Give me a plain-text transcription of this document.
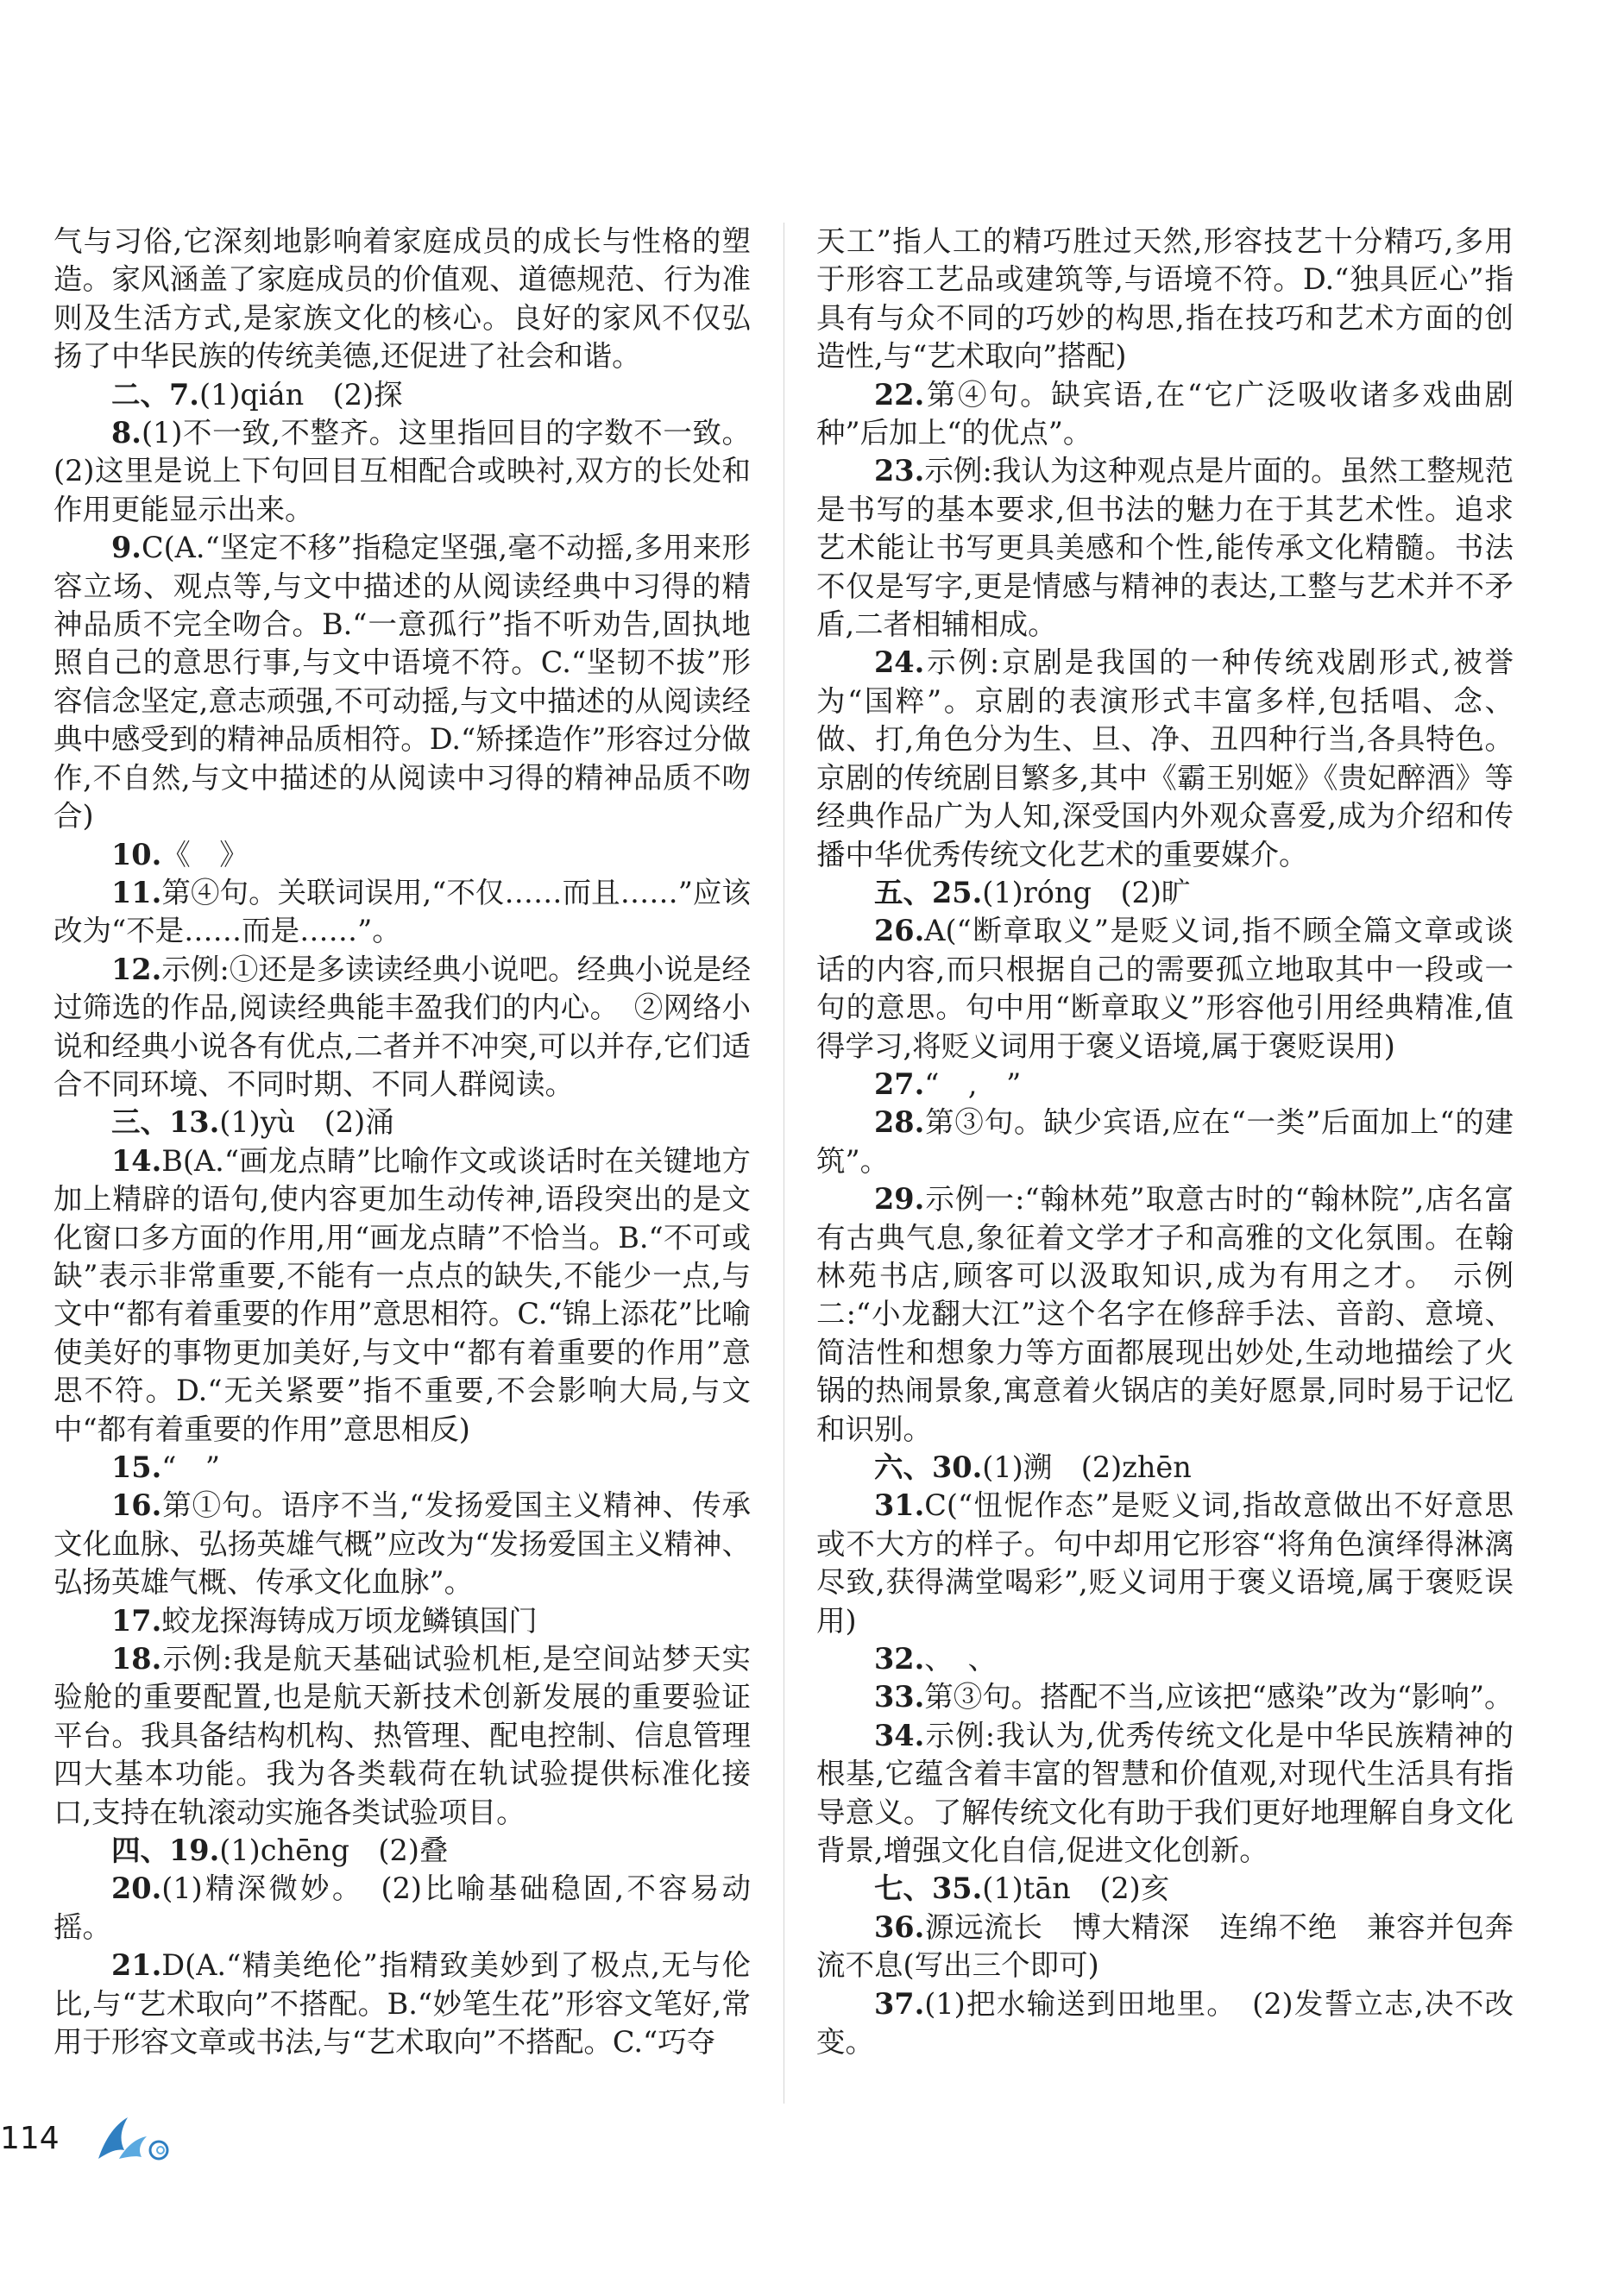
气与习俗,它深刻地影响着家庭成员的成长与性格的塑造。家风涵盖了家庭成员的价值观、道德规范、行为准则及生活方式,是家族文化的核心。良好的家风不仅弘扬了中华民族的传统美德,还促进了社会和谐。

二、7.(1)qián　(2)探

8.(1)不一致,不整齐。这里指回目的字数不一致。(2)这里是说上下句回目互相配合或映衬,双方的长处和作用更能显示出来。

9.C(A.“坚定不移”指稳定坚强,毫不动摇,多用来形容立场、观点等,与文中描述的从阅读经典中习得的精神品质不完全吻合。B.“一意孤行”指不听劝告,固执地照自己的意思行事,与文中语境不符。C.“坚韧不拔”形容信念坚定,意志顽强,不可动摇,与文中描述的从阅读经典中感受到的精神品质相符。D.“矫揉造作”形容过分做作,不自然,与文中描述的从阅读中习得的精神品质不吻合)

10.《　》

11.第④句。关联词误用,“不仅……而且……”应该改为“不是……而是……”。

12.示例:①还是多读读经典小说吧。经典小说是经过筛选的作品,阅读经典能丰盈我们的内心。　②网络小说和经典小说各有优点,二者并不冲突,可以并存,它们适合不同环境、不同时期、不同人群阅读。

三、13.(1)yù　(2)涌

14.B(A.“画龙点睛”比喻作文或谈话时在关键地方加上精辟的语句,使内容更加生动传神,语段突出的是文化窗口多方面的作用,用“画龙点睛”不恰当。B.“不可或缺”表示非常重要,不能有一点点的缺失,不能少一点,与文中“都有着重要的作用”意思相符。C.“锦上添花”比喻使美好的事物更加美好,与文中“都有着重要的作用”意思不符。D.“无关紧要”指不重要,不会影响大局,与文中“都有着重要的作用”意思相反)

15.“　”

16.第①句。语序不当,“发扬爱国主义精神、传承文化血脉、弘扬英雄气概”应改为“发扬爱国主义精神、弘扬英雄气概、传承文化血脉”。

17.蛟龙探海铸成万顷龙鳞镇国门

18.示例:我是航天基础试验机柜,是空间站梦天实验舱的重要配置,也是航天新技术创新发展的重要验证平台。我具备结构机构、热管理、配电控制、信息管理四大基本功能。我为各类载荷在轨试验提供标准化接口,支持在轨滚动实施各类试验项目。

四、19.(1)chēng　(2)叠

20.(1)精深微妙。　(2)比喻基础稳固,不容易动摇。

21.D(A.“精美绝伦”指精致美妙到了极点,无与伦比,与“艺术取向”不搭配。B.“妙笔生花”形容文笔好,常用于形容文章或书法,与“艺术取向”不搭配。C.“巧夺

天工”指人工的精巧胜过天然,形容技艺十分精巧,多用于形容工艺品或建筑等,与语境不符。D.“独具匠心”指具有与众不同的巧妙的构思,指在技巧和艺术方面的创造性,与“艺术取向”搭配)

22.第④句。缺宾语,在“它广泛吸收诸多戏曲剧种”后加上“的优点”。

23.示例:我认为这种观点是片面的。虽然工整规范是书写的基本要求,但书法的魅力在于其艺术性。追求艺术能让书写更具美感和个性,能传承文化精髓。书法不仅是写字,更是情感与精神的表达,工整与艺术并不矛盾,二者相辅相成。

24.示例:京剧是我国的一种传统戏剧形式,被誉为“国粹”。京剧的表演形式丰富多样,包括唱、念、做、打,角色分为生、旦、净、丑四种行当,各具特色。京剧的传统剧目繁多,其中《霸王别姬》《贵妃醉酒》等经典作品广为人知,深受国内外观众喜爱,成为介绍和传播中华优秀传统文化艺术的重要媒介。

五、25.(1)róng　(2)旷

26.A(“断章取义”是贬义词,指不顾全篇文章或谈话的内容,而只根据自己的需要孤立地取其中一段或一句的意思。句中用“断章取义”形容他引用经典精准,值得学习,将贬义词用于褒义语境,属于褒贬误用)

27.“　,　”

28.第③句。缺少宾语,应在“一类”后面加上“的建筑”。

29.示例一:“翰林苑”取意古时的“翰林院”,店名富有古典气息,象征着文学才子和高雅的文化氛围。在翰林苑书店,顾客可以汲取知识,成为有用之才。　示例二:“小龙翻大江”这个名字在修辞手法、音韵、意境、简洁性和想象力等方面都展现出妙处,生动地描绘了火锅的热闹景象,寓意着火锅店的美好愿景,同时易于记忆和识别。

六、30.(1)溯　(2)zhēn

31.C(“忸怩作态”是贬义词,指故意做出不好意思或不大方的样子。句中却用它形容“将角色演绎得淋漓尽致,获得满堂喝彩”,贬义词用于褒义语境,属于褒贬误用)

32.、　、

33.第③句。搭配不当,应该把“感染”改为“影响”。

34.示例:我认为,优秀传统文化是中华民族精神的根基,它蕴含着丰富的智慧和价值观,对现代生活具有指导意义。了解传统文化有助于我们更好地理解自身文化背景,增强文化自信,促进文化创新。

七、35.(1)tān　(2)亥

36.源远流长　博大精深　连绵不绝　兼容并包奔流不息(写出三个即可)

37.(1)把水输送到田地里。　(2)发誓立志,决不改变。

114
